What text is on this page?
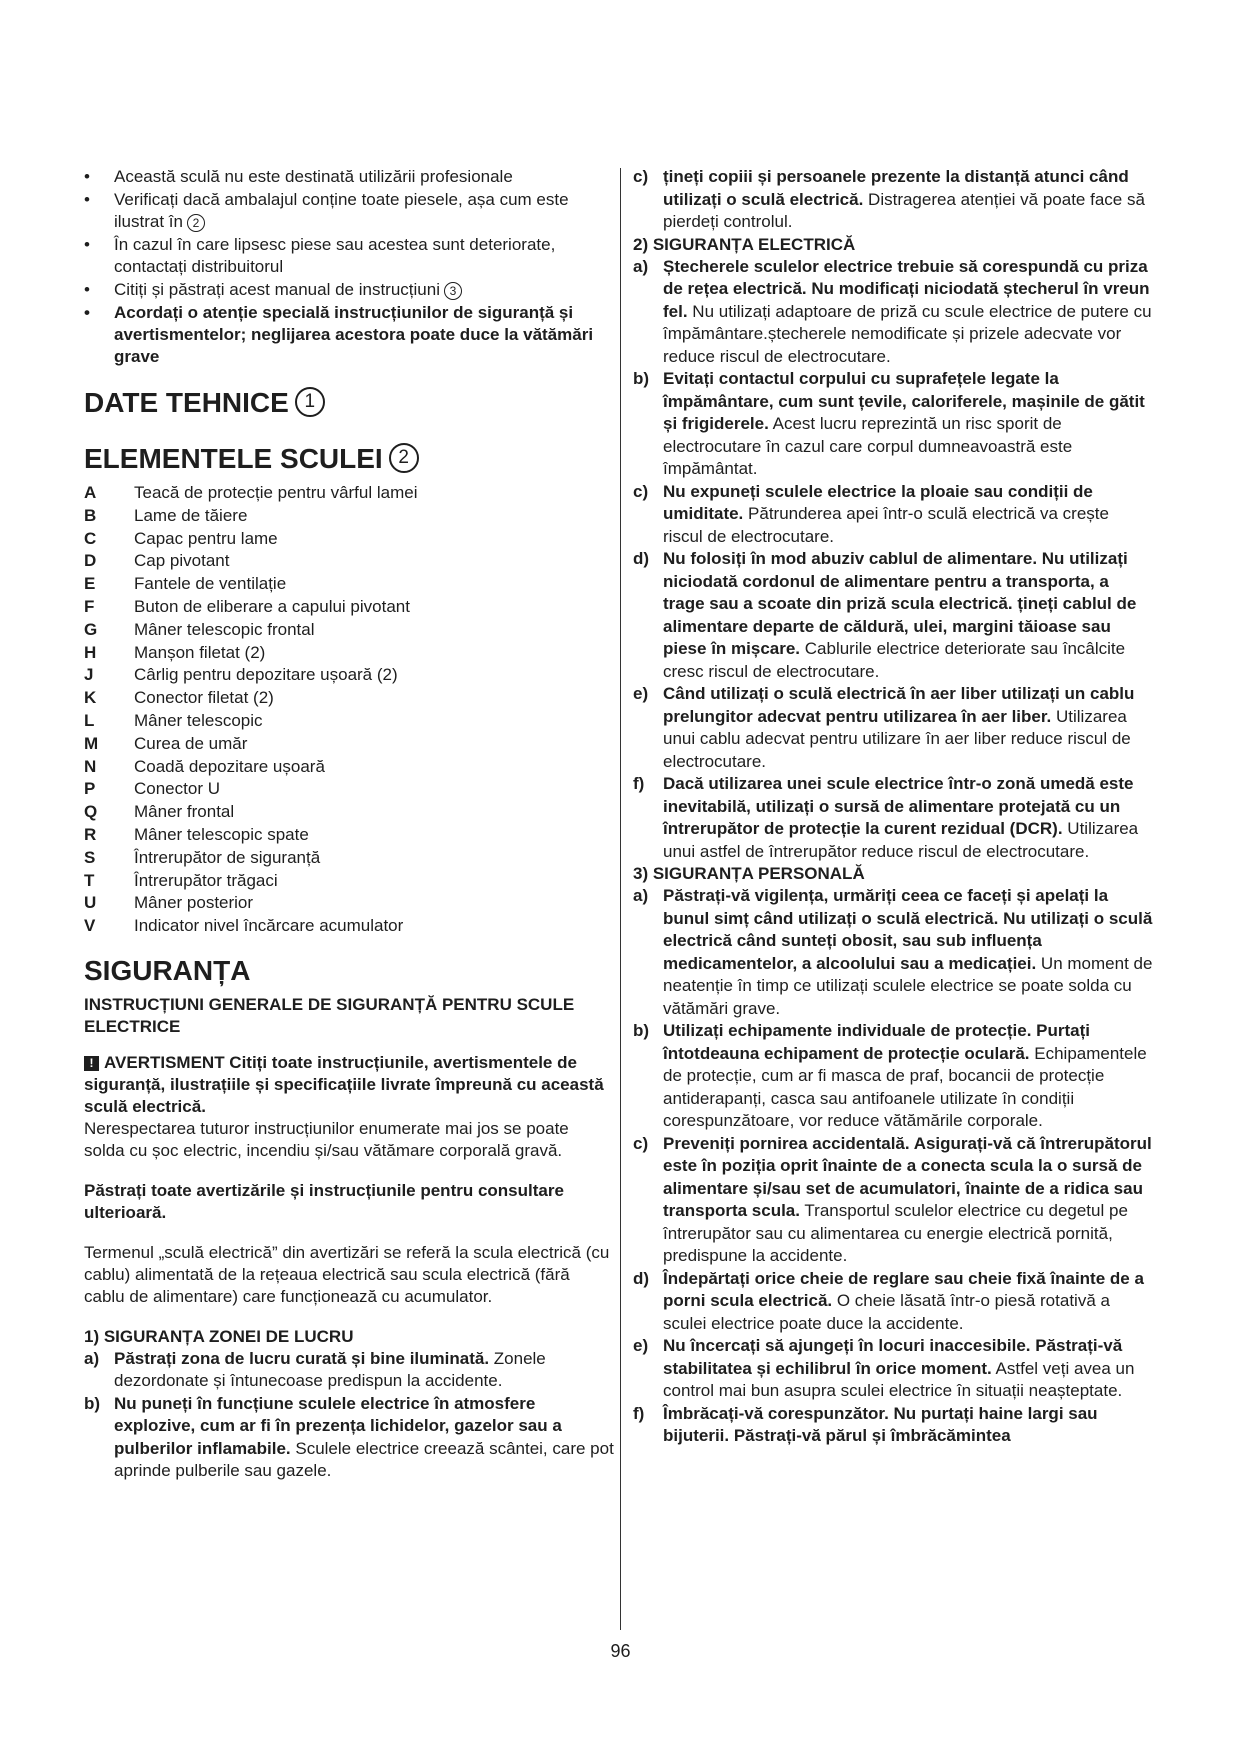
• Această sculă nu este destinată utilizării profesionale
• Verificați dacă ambalajul conține toate piesele, așa cum este ilustrat în 2
• În cazul în care lipsesc piese sau acestea sunt deteriorate, contactați distribuitorul
• Citiți și păstrați acest manual de instrucțiuni 3
• Acordați o atenție specială instrucțiunilor de siguranță și avertismentelor; neglijarea acestora poate duce la vătămări grave
DATE TEHNICE 1
ELEMENTELE SCULEI 2
A	Teacă de protecție pentru vârful lamei
B	Lame de tăiere
C	Capac pentru lame
D	Cap pivotant
E	Fantele de ventilație
F	Buton de eliberare a capului pivotant
G	Mâner telescopic frontal
H	Manșon filetat (2)
J	Cârlig pentru depozitare ușoară (2)
K	Conector filetat (2)
L	Mâner telescopic
M	Curea de umăr
N	Coadă depozitare ușoară
P	Conector U
Q	Mâner frontal
R	Mâner telescopic spate
S	Întrerupător de siguranță
T	Întrerupător trăgaci
U	Mâner posterior
V	Indicator nivel încărcare acumulator
SIGURANȚA

INSTRUCȚIUNI GENERALE DE SIGURANȚĂ PENTRU SCULE ELECTRICE

! AVERTISMENT Citiți toate instrucțiunile, avertismentele de siguranță, ilustrațiile și specificațiile livrate împreună cu această sculă electrică.

Nerespectarea tuturor instrucțiunilor enumerate mai jos se poate solda cu șoc electric, incendiu și/sau vătămare corporală gravă.

Păstrați toate avertizările și instrucțiunile pentru consultare ulterioară.

Termenul „sculă electrică” din avertizări se referă la scula electrică (cu cablu) alimentată de la rețeaua electrică sau scula electrică (fără cablu de alimentare) care funcționează cu acumulator.

1) SIGURANȚA ZONEI DE LUCRU

a) Păstrați zona de lucru curată și bine iluminată. Zonele dezordonate și întunecoase predispun la accidente.
b) Nu puneți în funcțiune sculele electrice în atmosfere explozive, cum ar fi în prezența lichidelor, gazelor sau a pulberilor inflamabile. Sculele electrice creează scântei, care pot aprinde pulberile sau gazele.
c) țineți copiii și persoanele prezente la distanță atunci când utilizați o sculă electrică. Distragerea atenției vă poate face să pierdeți controlul.

2) SIGURANȚA ELECTRICĂ

a) Ștecherele sculelor electrice trebuie să corespundă cu priza de rețea electrică. Nu modificați niciodată ștecherul în vreun fel. Nu utilizați adaptoare de priză cu scule electrice de putere cu împământare.ștecherele nemodificate și prizele adecvate vor reduce riscul de electrocutare.
b) Evitați contactul corpului cu suprafețele legate la împământare, cum sunt țevile, caloriferele, mașinile de gătit și frigiderele. Acest lucru reprezintă un risc sporit de electrocutare în cazul care corpul dumneavoastră este împământat.
c) Nu expuneți sculele electrice la ploaie sau condiții de umiditate. Pătrunderea apei într-o sculă electrică va crește riscul de electrocutare.
d) Nu folosiți în mod abuziv cablul de alimentare. Nu utilizați niciodată cordonul de alimentare pentru a transporta, a trage sau a scoate din priză scula electrică. țineți cablul de alimentare departe de căldură, ulei, margini tăioase sau piese în mișcare. Cablurile electrice deteriorate sau încâlcite cresc riscul de electrocutare.
e) Când utilizați o sculă electrică în aer liber utilizați un cablu prelungitor adecvat pentru utilizarea în aer liber. Utilizarea unui cablu adecvat pentru utilizare în aer liber reduce riscul de electrocutare.
f)	Dacă utilizarea unei scule electrice într-o zonă umedă este inevitabilă, utilizați o sursă de alimentare protejată cu un întrerupător de protecție la curent rezidual (DCR). Utilizarea unui astfel de întrerupător reduce riscul de electrocutare.

3) SIGURANȚA PERSONALĂ

a) Păstrați-vă vigilența, urmăriți ceea ce faceți și apelați la bunul simț când utilizați o sculă electrică. Nu utilizați o sculă electrică când sunteți obosit, sau sub influența medicamentelor, a alcoolului sau a medicației. Un moment de neatenție în timp ce utilizați sculele electrice se poate solda cu vătămări grave.
b) Utilizați echipamente individuale de protecție. Purtați întotdeauna echipament de protecție oculară. Echipamentele de protecție, cum ar fi masca de praf, bocancii de protecție antiderapanți, casca sau antifoanele utilizate în condiții corespunzătoare, vor reduce vătămările corporale.
c) Preveniți pornirea accidentală. Asigurați-vă că întrerupătorul este în poziția oprit înainte de a conecta scula la o sursă de alimentare și/sau set de acumulatori, înainte de a ridica sau transporta scula. Transportul sculelor electrice cu degetul pe întrerupător sau cu alimentarea cu energie electrică pornită, predispune la accidente.
d) Îndepărtați orice cheie de reglare sau cheie fixă înainte de a porni scula electrică. O cheie lăsată într-o piesă rotativă a sculei electrice poate duce la accidente.
e) Nu încercați să ajungeți în locuri inaccesibile. Păstrați-vă stabilitatea și echilibrul în orice moment. Astfel veți avea un control mai bun asupra sculei electrice în situații neașteptate.
f)	Îmbrăcați-vă corespunzător. Nu purtați haine largi sau bijuterii. Păstrați-vă părul și îmbrăcămintea
96
